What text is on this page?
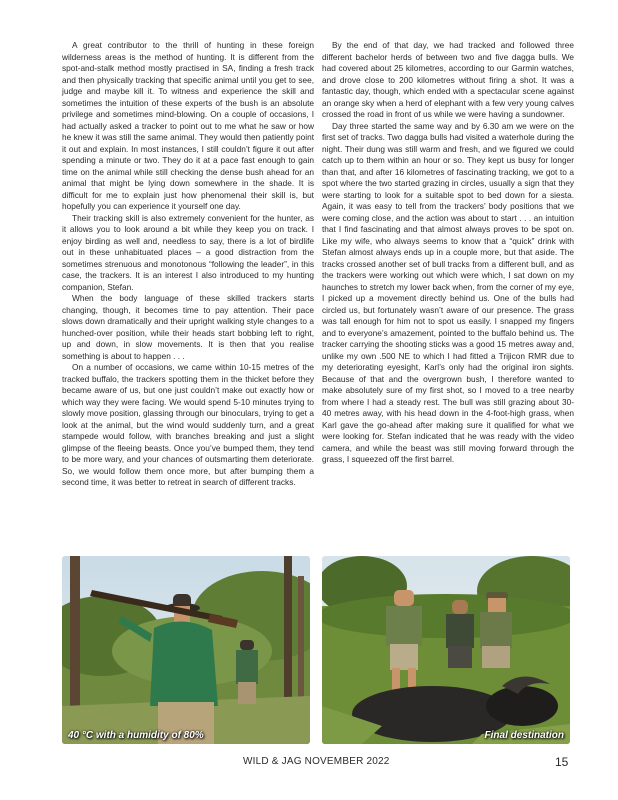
A great contributor to the thrill of hunting in these foreign wilderness areas is the method of hunting. It is different from the spot-and-stalk method mostly practised in SA, finding a fresh track and then physically tracking that specific animal until you get to see, judge and maybe kill it. To witness and experience the skill and sometimes the intuition of these experts of the bush is an absolute privilege and sometimes mind-blowing. On a couple of occasions, I had actually asked a tracker to point out to me what he saw or how he knew it was still the same animal. They would then patiently point it out and explain. In most instances, I still couldn’t figure it out after spending a minute or two. They do it at a pace fast enough to gain time on the animal while still checking the dense bush ahead for an animal that might be lying down somewhere in the shade. It is difficult for me to explain just how phenomenal their skill is, but hopefully you can experience it yourself one day.

Their tracking skill is also extremely convenient for the hunter, as it allows you to look around a bit while they keep you on track. I enjoy birding as well and, needless to say, there is a lot of birdlife out in these unhabituated places – a good distraction from the sometimes strenuous and monotonous “following the leader”, in this case, the trackers. It is an interest I also introduced to my hunting companion, Stefan.

When the body language of these skilled trackers starts changing, though, it becomes time to pay attention. Their pace slows down dramatically and their upright walking style changes to a hunched-over position, while their heads start bobbing left to right, up and down, in slow movements. It is then that you realise something is about to happen . . .

On a number of occasions, we came within 10-15 metres of the tracked buffalo, the trackers spotting them in the thicket before they became aware of us, but one just couldn’t make out exactly how or which way they were facing. We would spend 5-10 minutes trying to slowly move position, glassing through our binoculars, trying to get a look at the animal, but the wind would suddenly turn, and a great stampede would follow, with branches breaking and just a slight glimpse of the fleeing beasts. Once you’ve bumped them, they tend to be more wary, and your chances of outsmarting them deteriorate. So, we would follow them once more, but after bumping them a second time, it was better to retreat in search of different tracks.

By the end of that day, we had tracked and followed three different bachelor herds of between two and five dagga bulls. We had covered about 25 kilometres, according to our Garmin watches, and drove close to 200 kilometres without firing a shot. It was a fantastic day, though, which ended with a spectacular scene against an orange sky when a herd of elephant with a few very young calves crossed the road in front of us while we were having a sundowner.

Day three started the same way and by 6.30 am we were on the first set of tracks. Two dagga bulls had visited a waterhole during the night. Their dung was still warm and fresh, and we figured we could catch up to them within an hour or so. They kept us busy for longer than that, and after 16 kilometres of fascinating tracking, we got to a spot where the two started grazing in circles, usually a sign that they were starting to look for a suitable spot to bed down for a siesta. Again, it was easy to tell from the trackers’ body positions that we were coming close, and the action was about to start . . . an intuition that I find fascinating and that almost always proves to be spot on. Like my wife, who always seems to know that a “quick” drink with Stefan almost always ends up in a couple more, but that aside. The tracks crossed another set of bull tracks from a different bull, and as the trackers were working out which were which, I sat down on my haunches to stretch my lower back when, from the corner of my eye, I picked up a movement directly behind us. One of the bulls had circled us, but fortunately wasn’t aware of our presence. The grass was tall enough for him not to spot us easily. I snapped my fingers and to everyone’s amazement, pointed to the buffalo behind us. The tracker carrying the shooting sticks was a good 15 metres away and, unlike my own .500 NE to which I had fitted a Trijicon RMR due to my deteriorating eyesight, Karl’s only had the original iron sights. Because of that and the overgrown bush, I therefore wanted to make absolutely sure of my first shot, so I moved to a tree nearby from where I had a steady rest. The bull was still grazing about 30-40 metres away, with his head down in the 4-foot-high grass, when Karl gave the go-ahead after making sure it qualified for what we were looking for. Stefan indicated that he was ready with the video camera, and while the beast was still moving forward through the grass, I squeezed off the first barrel.

40 °C with a humidity of 80%	Final destination
WILD & JAG NOVEMBER 2022	15
